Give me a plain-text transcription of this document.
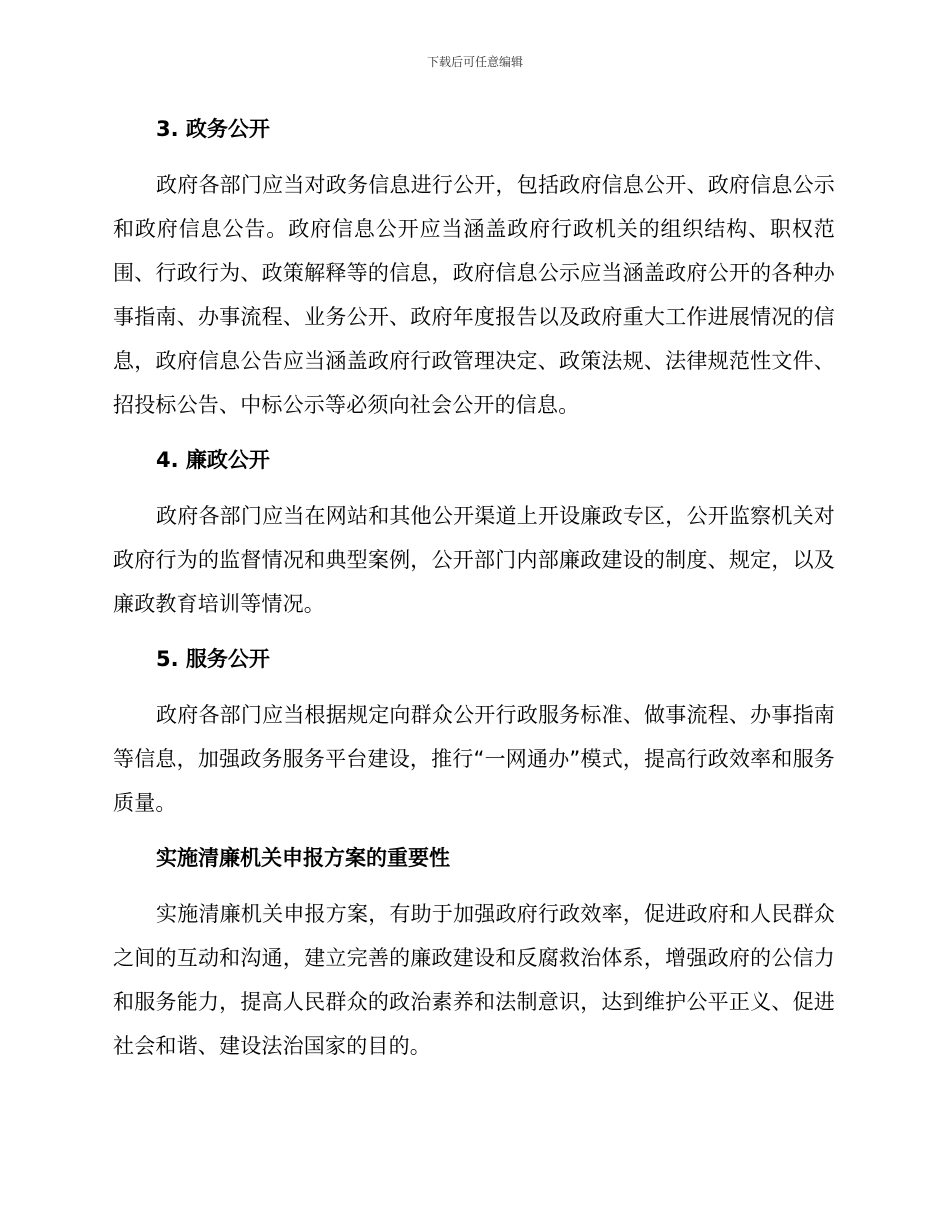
下载后可任意编辑
3. 政务公开

政府各部门应当对政务信息进行公开，包括政府信息公开、政府信息公示和政府信息公告。政府信息公开应当涵盖政府行政机关的组织结构、职权范围、行政行为、政策解释等的信息，政府信息公示应当涵盖政府公开的各种办事指南、办事流程、业务公开、政府年度报告以及政府重大工作进展情况的信息，政府信息公告应当涵盖政府行政管理决定、政策法规、法律规范性文件、招投标公告、中标公示等必须向社会公开的信息。

4. 廉政公开

政府各部门应当在网站和其他公开渠道上开设廉政专区，公开监察机关对政府行为的监督情况和典型案例，公开部门内部廉政建设的制度、规定，以及廉政教育培训等情况。

5. 服务公开

政府各部门应当根据规定向群众公开行政服务标准、做事流程、办事指南等信息，加强政务服务平台建设，推行“一网通办”模式，提高行政效率和服务质量。

实施清廉机关申报方案的重要性

实施清廉机关申报方案，有助于加强政府行政效率，促进政府和人民群众之间的互动和沟通，建立完善的廉政建设和反腐救治体系，增强政府的公信力和服务能力，提高人民群众的政治素养和法制意识，达到维护公平正义、促进社会和谐、建设法治国家的目的。
